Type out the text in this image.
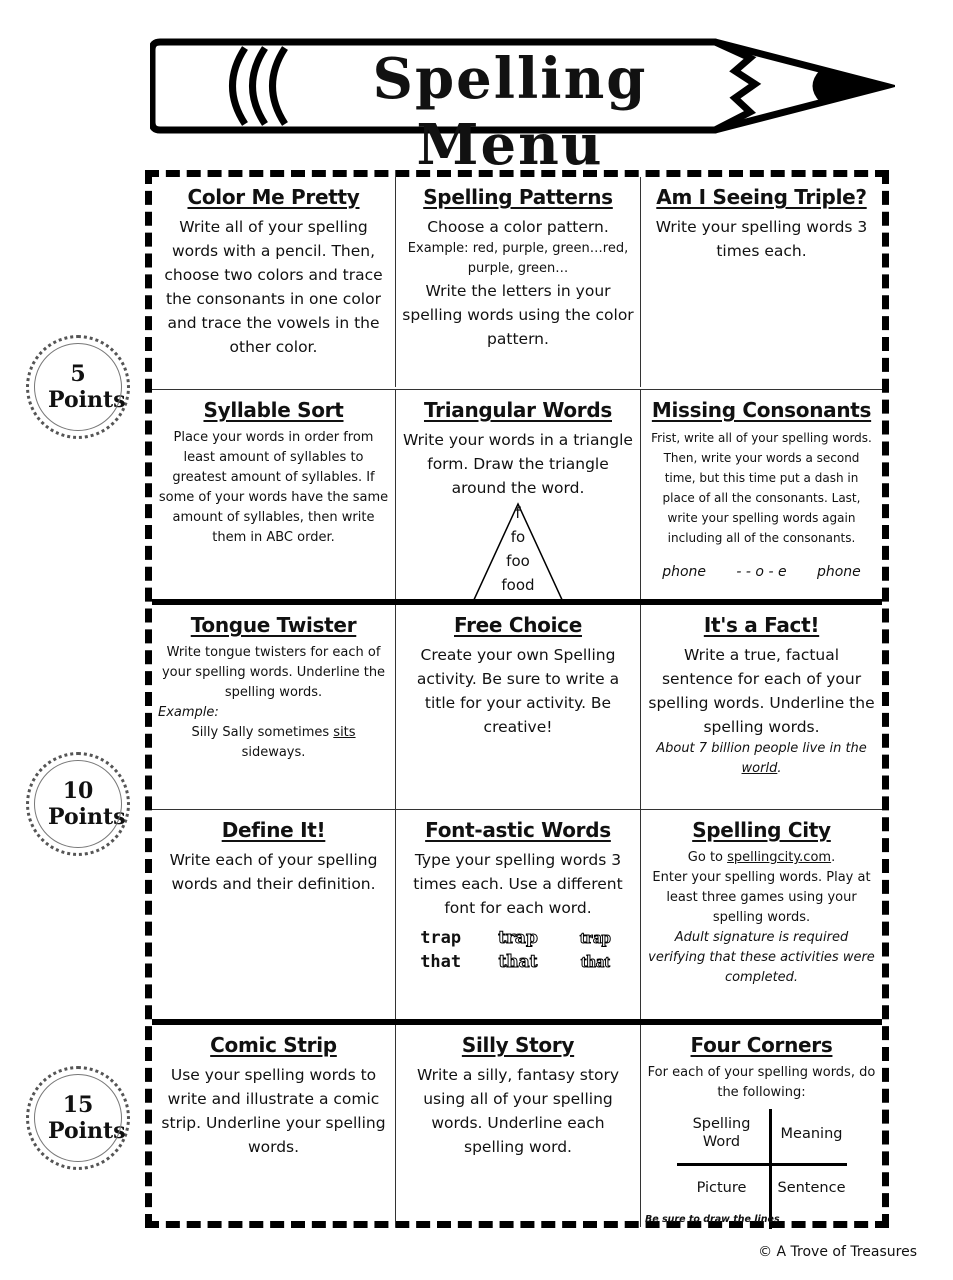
Spelling Menu
5 Points
10 Points
15 Points
Color Me Pretty
Write all of your spelling words with a pencil. Then, choose two colors and trace the consonants in one color and trace the vowels in the other color.
Spelling Patterns
Choose a color pattern.
Example: red, purple, green…red, purple, green…
Write the letters in your spelling words using the color pattern.
Am I Seeing Triple?
Write your spelling words 3 times each.
Syllable Sort
Place your words in order from least amount of syllables to greatest amount of syllables. If some of your words have the same amount of syllables, then write them in ABC order.
Triangular Words
Write your words in a triangle form. Draw the triangle around the word.
f
fo
foo
food
Missing Consonants
Frist, write all of your spelling words. Then, write your words a second time, but this time put a dash in place of all the consonants. Last, write your spelling words again including all of the consonants.
phone - - o - e phone
Tongue Twister
Write tongue twisters for each of your spelling words. Underline the spelling words.
Example:
Silly Sally sometimes sits sideways.
Free Choice
Create your own Spelling activity. Be sure to write a title for your activity. Be creative!
It's a Fact!
Write a true, factual sentence for each of your spelling words. Underline the spelling words.
About 7 billion people live in the world.
Define It!
Write each of your spelling words and their definition.
Font-astic Words
Type your spelling words 3 times each. Use a different font for each word.
trap	trap	trap
that	that	that
Spelling City
Go to spellingcity.com.
Enter your spelling words. Play at least three games using your spelling words.
Adult signature is required verifying that these activities were completed.
Comic Strip
Use your spelling words to write and illustrate a comic strip. Underline your spelling words.
Silly Story
Write a silly, fantasy story using all of your spelling words. Underline each spelling word.
Four Corners
For each of your spelling words, do the following:
Spelling Word	Meaning
Picture	Sentence
Be sure to draw the lines
© A Trove of Treasures
